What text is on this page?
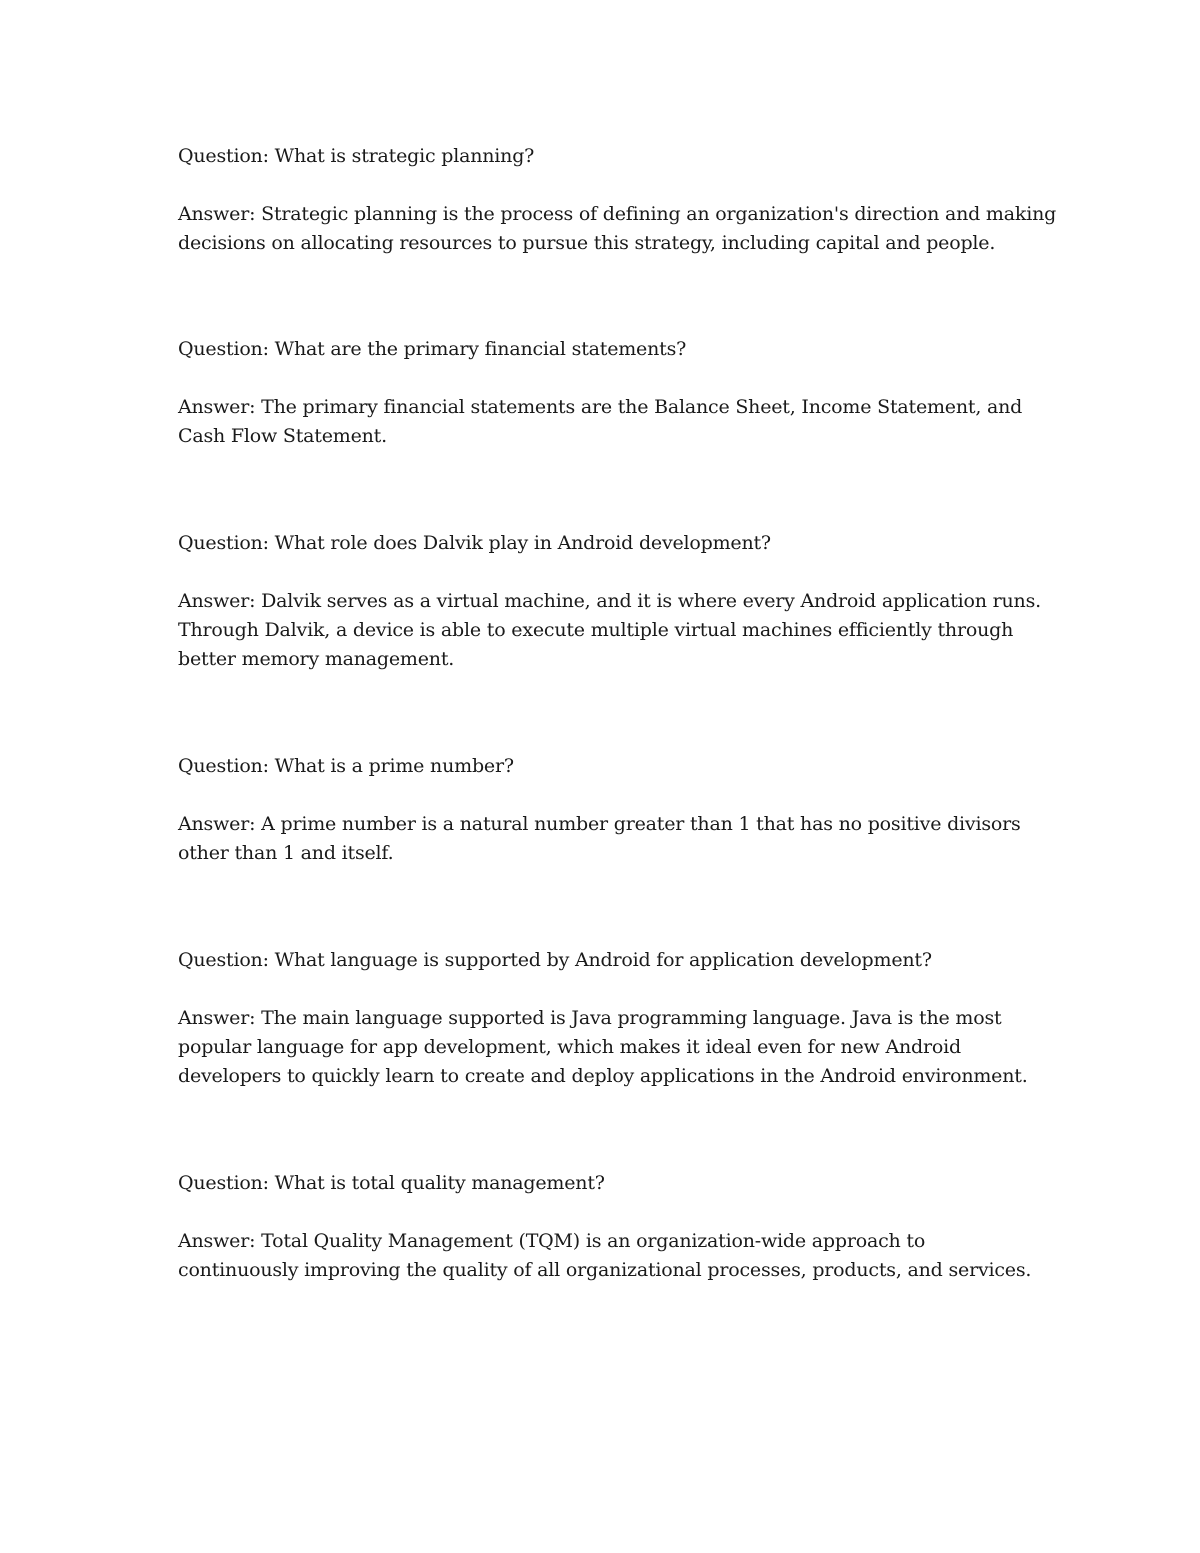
Question: What is strategic planning?

Answer: Strategic planning is the process of defining an organization's direction and making
decisions on allocating resources to pursue this strategy, including capital and people.

Question: What are the primary financial statements?

Answer: The primary financial statements are the Balance Sheet, Income Statement, and
Cash Flow Statement.

Question: What role does Dalvik play in Android development?

Answer: Dalvik serves as a virtual machine, and it is where every Android application runs.
Through Dalvik, a device is able to execute multiple virtual machines efficiently through
better memory management.

Question: What is a prime number?

Answer: A prime number is a natural number greater than 1 that has no positive divisors
other than 1 and itself.

Question: What language is supported by Android for application development?

Answer: The main language supported is Java programming language. Java is the most
popular language for app development, which makes it ideal even for new Android
developers to quickly learn to create and deploy applications in the Android environment.

Question: What is total quality management?

Answer: Total Quality Management (TQM) is an organization-wide approach to
continuously improving the quality of all organizational processes, products, and services.
